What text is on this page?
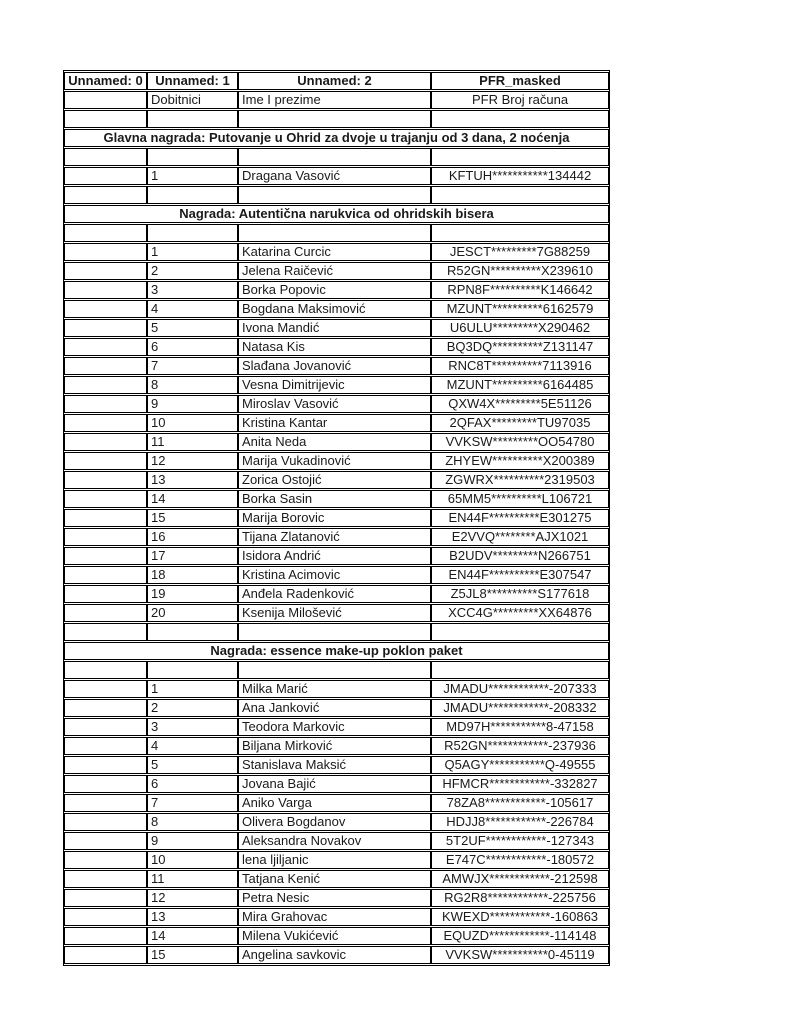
Unnamed: 0	Unnamed: 1	Unnamed: 2	PFR_masked
	Dobitnici	Ime I prezime	PFR Broj računa

Glavna nagrada: Putovanje u Ohrid za dvoje u trajanju od 3 dana, 2 noćenja			

	1	Dragana Vasović	KFTUH***********134442

Nagrada: Autentična narukvica od ohridskih bisera			

	1	Katarina Curcic	JESCT*********7G88259
	2	Jelena Raičević	R52GN**********X239610
	3	Borka Popovic	RPN8F**********K146642
	4	Bogdana Maksimović	MZUNT**********6162579
	5	Ivona Mandić	U6ULU*********X290462
	6	Natasa Kis	BQ3DQ**********Z131147
	7	Slađana Jovanović	RNC8T**********7113916
	8	Vesna Dimitrijevic	MZUNT**********6164485
	9	Miroslav Vasović	QXW4X*********5E51126
	10	Kristina Kantar	2QFAX*********TU97035
	11	Anita Neda	VVKSW*********OO54780
	12	Marija Vukadinović	ZHYEW**********X200389
	13	Zorica Ostojić	ZGWRX**********2319503
	14	Borka Sasin	65MM5**********L106721
	15	Marija Borovic	EN44F**********E301275
	16	Tijana Zlatanović	E2VVQ********AJX1021
	17	Isidora Andrić	B2UDV*********N266751
	18	Kristina Acimovic	EN44F**********E307547
	19	Anđela Radenković	Z5JL8**********S177618
	20	Ksenija Milošević	XCC4G*********XX64876

Nagrada: essence make-up poklon paket			

	1	Milka Marić	JMADU************-207333
	2	Ana Janković	JMADU************-208332
	3	Teodora Markovic	MD97H***********8-47158
	4	Biljana Mirković	R52GN************-237936
	5	Stanislava Maksić	Q5AGY***********Q-49555
	6	Jovana Bajić	HFMCR************-332827
	7	Aniko Varga	78ZA8************-105617
	8	Olivera Bogdanov	HDJJ8************-226784
	9	Aleksandra Novakov	5T2UF************-127343
	10	lena ljiljanic	E747C************-180572
	11	Tatjana Kenić	AMWJX************-212598
	12	Petra Nesic	RG2R8************-225756
	13	Mira Grahovac	KWEXD************-160863
	14	Milena Vukićević	EQUZD************-114148
	15	Angelina savkovic	VVKSW***********0-45119
